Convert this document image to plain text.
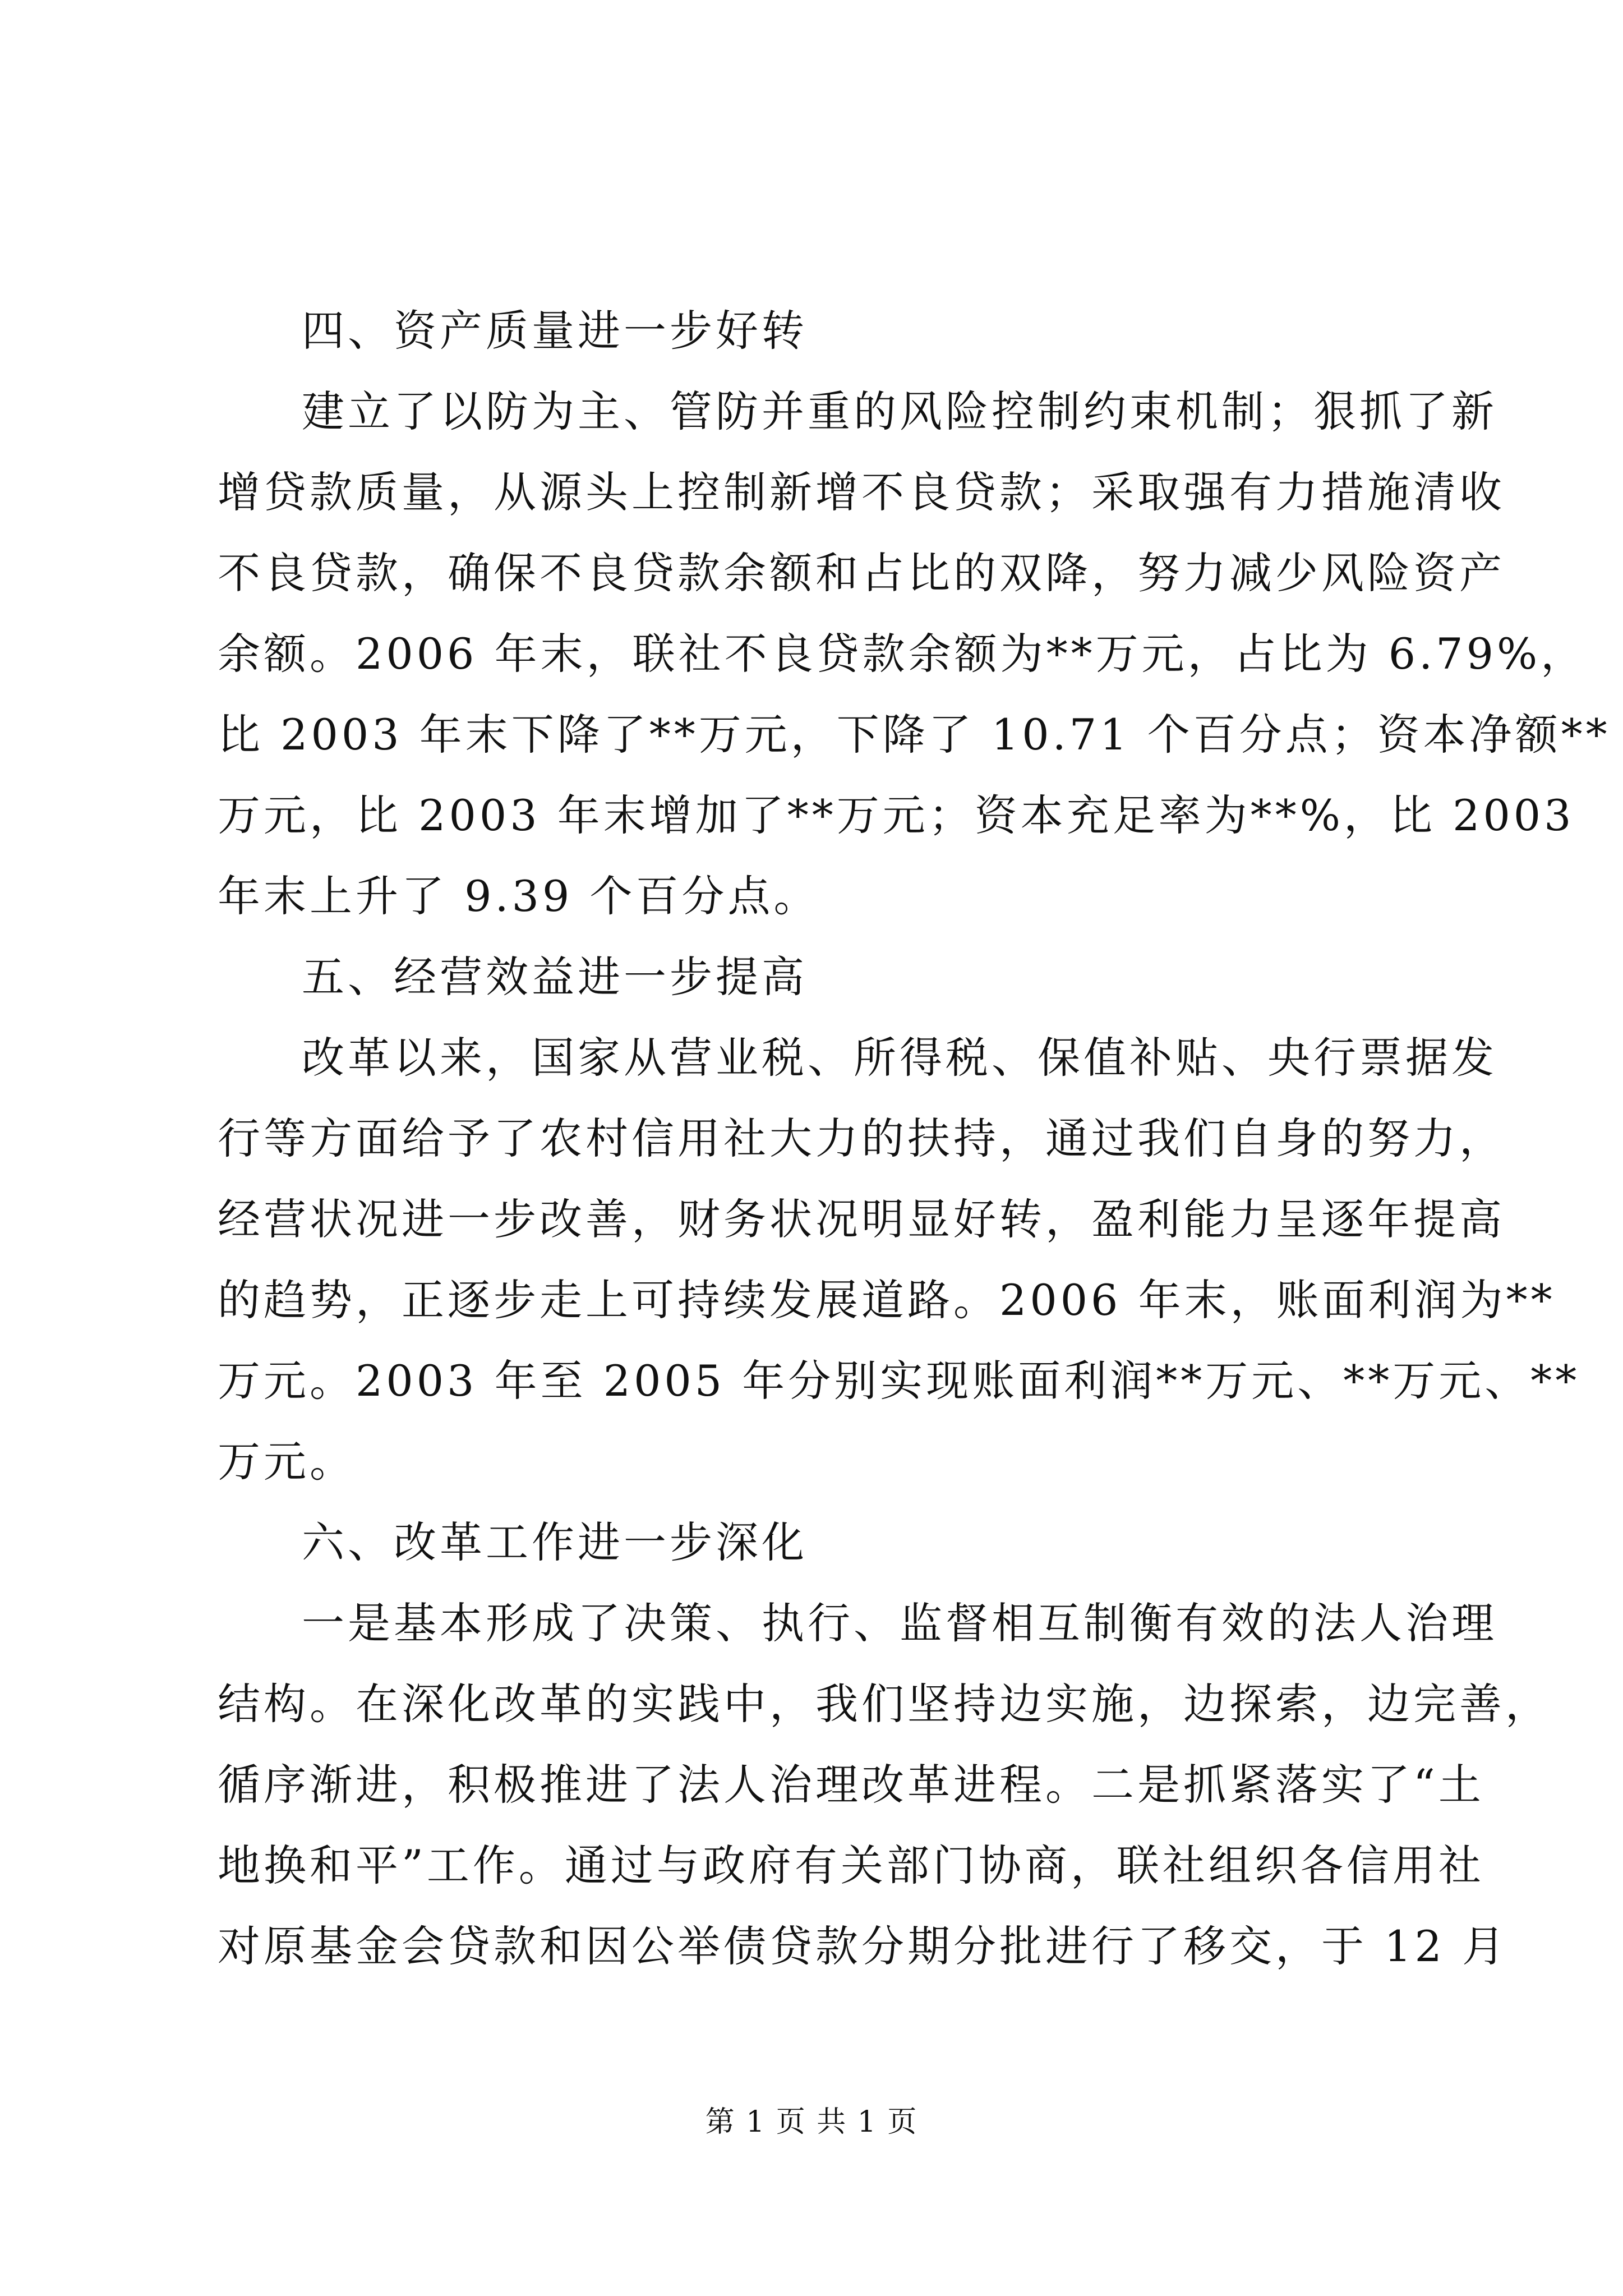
四、资产质量进一步好转
建立了以防为主、管防并重的风险控制约束机制；狠抓了新
增贷款质量，从源头上控制新增不良贷款；采取强有力措施清收
不良贷款，确保不良贷款余额和占比的双降，努力减少风险资产
余额。2006 年末，联社不良贷款余额为**万元，占比为 6.79%，
比 2003 年末下降了**万元，下降了 10.71 个百分点；资本净额**
万元，比 2003 年末增加了**万元；资本充足率为**%，比 2003
年末上升了 9.39 个百分点。
五、经营效益进一步提高
改革以来，国家从营业税、所得税、保值补贴、央行票据发
行等方面给予了农村信用社大力的扶持，通过我们自身的努力，
经营状况进一步改善，财务状况明显好转，盈利能力呈逐年提高
的趋势，正逐步走上可持续发展道路。2006 年末，账面利润为**
万元。2003 年至 2005 年分别实现账面利润**万元、**万元、**
万元。
六、改革工作进一步深化
一是基本形成了决策、执行、监督相互制衡有效的法人治理
结构。在深化改革的实践中，我们坚持边实施，边探索，边完善，
循序渐进，积极推进了法人治理改革进程。二是抓紧落实了“土
地换和平”工作。通过与政府有关部门协商，联社组织各信用社
对原基金会贷款和因公举债贷款分期分批进行了移交，于 12 月
第 1 页 共 1 页
